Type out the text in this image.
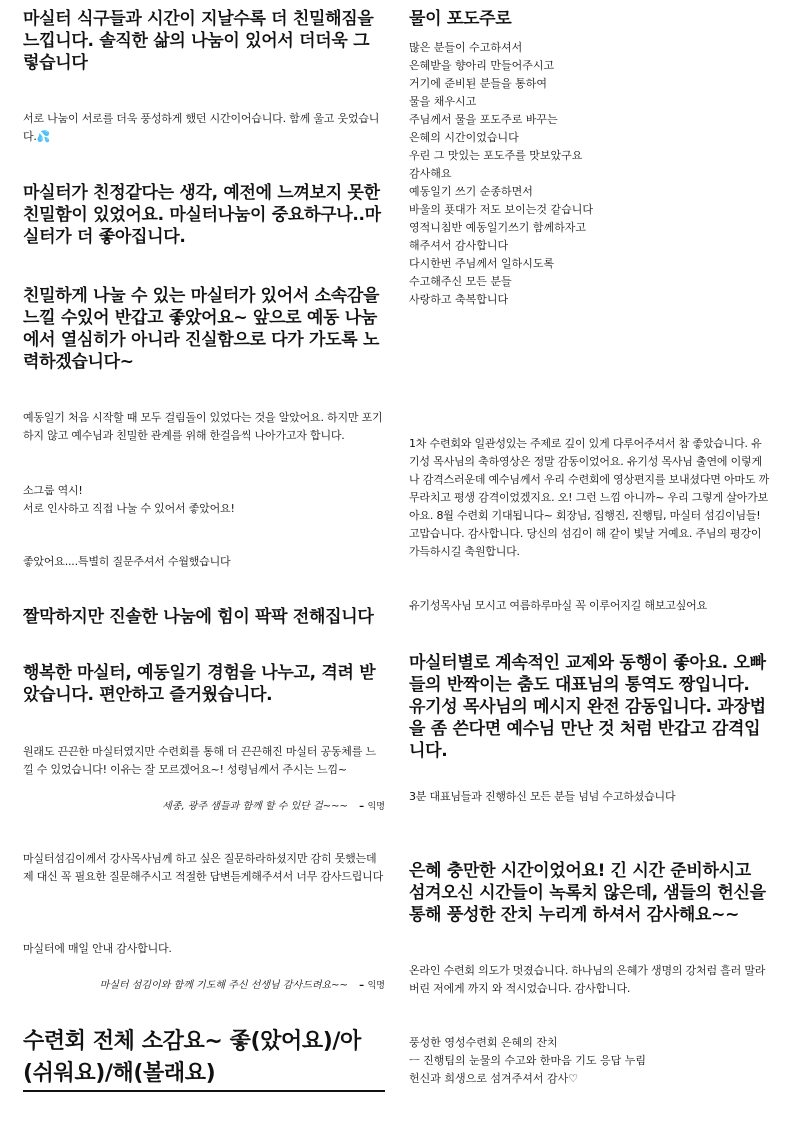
마실터 식구들과 시간이 지날수록 더 친밀해짐을 느낍니다. 솔직한 삶의 나눔이 있어서 더더욱 그렇습니다

서로 나눔이 서로를 더욱 풍성하게 했던 시간이어습니다. 함께 울고 웃었습니다.💦

마실터가 친정같다는 생각, 예전에 느껴보지 못한 친밀함이 있었어요. 마실터나눔이 중요하구나..마실터가 더 좋아집니다.

친밀하게 나눌 수 있는 마실터가 있어서 소속감을 느낄 수있어 반갑고 좋았어요~ 앞으로 예동 나눔에서 열심히가 아니라 진실함으로 다가 가도록 노력하겠습니다~

예동일기 처음 시작할 때 모두 걸림돌이 있었다는 것을 알았어요. 하지만 포기하지 않고 예수님과 친밀한 관계를 위해 한걸음씩 나아가고자 합니다.

소그룹 역시!
서로 인사하고 직접 나눌 수 있어서 좋았어요!

좋았어요....특별히 질문주셔서 수월했습니다

짤막하지만 진솔한 나눔에 힘이 팍팍 전해집니다

행복한 마실터, 예동일기 경험을 나누고, 격려 받았습니다. 편안하고 즐거웠습니다.

원래도 끈끈한 마실터였지만 수련회를 통해 더 끈끈해진 마실터 공동체를 느낄 수 있었습니다! 이유는 잘 모르겠어요~! 성령님께서 주시는 느낌~

세종, 광주 샘들과 함께 할 수 있단 걸~~~ – 익명

마실터섬김이께서 강사목사님께 하고 싶은 질문하라하셨지만 감히 못했는데 제 대신 꼭 필요한 질문해주시고 적절한 답변듣게해주셔서 너무 감사드립니다

마실터에 매일 안내 감사합니다.

마실터 섬김이와 함께 기도해 주신 선생님 감사드려요~~ – 익명
수련회 전체 소감요~ 좋(았어요)/아(쉬워요)/해(볼래요)

물이 포도주로

많은 분들이 수고하셔서
은혜받을 향아리 만들어주시고
거기에 준비된 분들을 통하여
물을 채우시고
주님께서 물을 포도주로 바꾸는
은혜의 시간이었습니다
우린 그 맛있는 포도주를 맛보았구요
감사해요
예동일기 쓰기 순종하면서
바울의 푯대가 저도 보이는것 같습니다
영적니침반 예동일기쓰기 함께하자고
해주셔서 감사합니다
다시한번 주님께서 일하시도록
수고해주신 모든 분들
사랑하고 축복합니다

1차 수련회와 일관성있는 주제로 깊이 있게 다루어주셔서 참 좋았습니다. 유기성 목사님의 축하영상은 정말 감동이었어요. 유기성 목사님 출연에 이렇게나 감격스러운데 예수님께서 우리 수련회에 영상편지를 보내셨다면 아마도 까무라치고 평생 감격이었겠지요. 오! 그런 느낌 아니까~ 우리 그렇게 살아가보아요. 8월 수련회 기대됩니다~ 회장님, 집행진, 진행팀, 마실터 섬김이님들! 고맙습니다. 감사합니다. 당신의 섬김이 해 같이 빛날 거예요. 주님의 평강이 가득하시길 축원합니다.

유기성목사님 모시고 여름하루마실 꼭 이루어지길 해보고싶어요

마실터별로 계속적인 교제와 동행이 좋아요. 오빠들의 반짝이는 춤도 대표님의 통역도 짱입니다. 유기성 목사님의 메시지 완전 감동입니다. 과장법을 좀 쓴다면 예수님 만난 것 처럼 반갑고 감격입니다.

3분 대표님들과 진행하신 모든 분들 넘넘 수고하셨습니다

은혜 충만한 시간이었어요! 긴 시간 준비하시고 섬겨오신 시간들이 녹록치 않은데, 샘들의 헌신을 통해 풍성한 잔치 누리게 하셔서 감사해요~~

온라인 수련회 의도가 멋졌습니다. 하나님의 은혜가 생명의 강처럼 흘러 말라버린 저에게 까지 와 적시었습니다. 감사합니다.

풍성한 영성수련회 은혜의 잔치
ㅡ 진행팀의 눈물의 수고와 한마음 기도 응답 누림
헌신과 희생으로 섬겨주셔서 감사♡
